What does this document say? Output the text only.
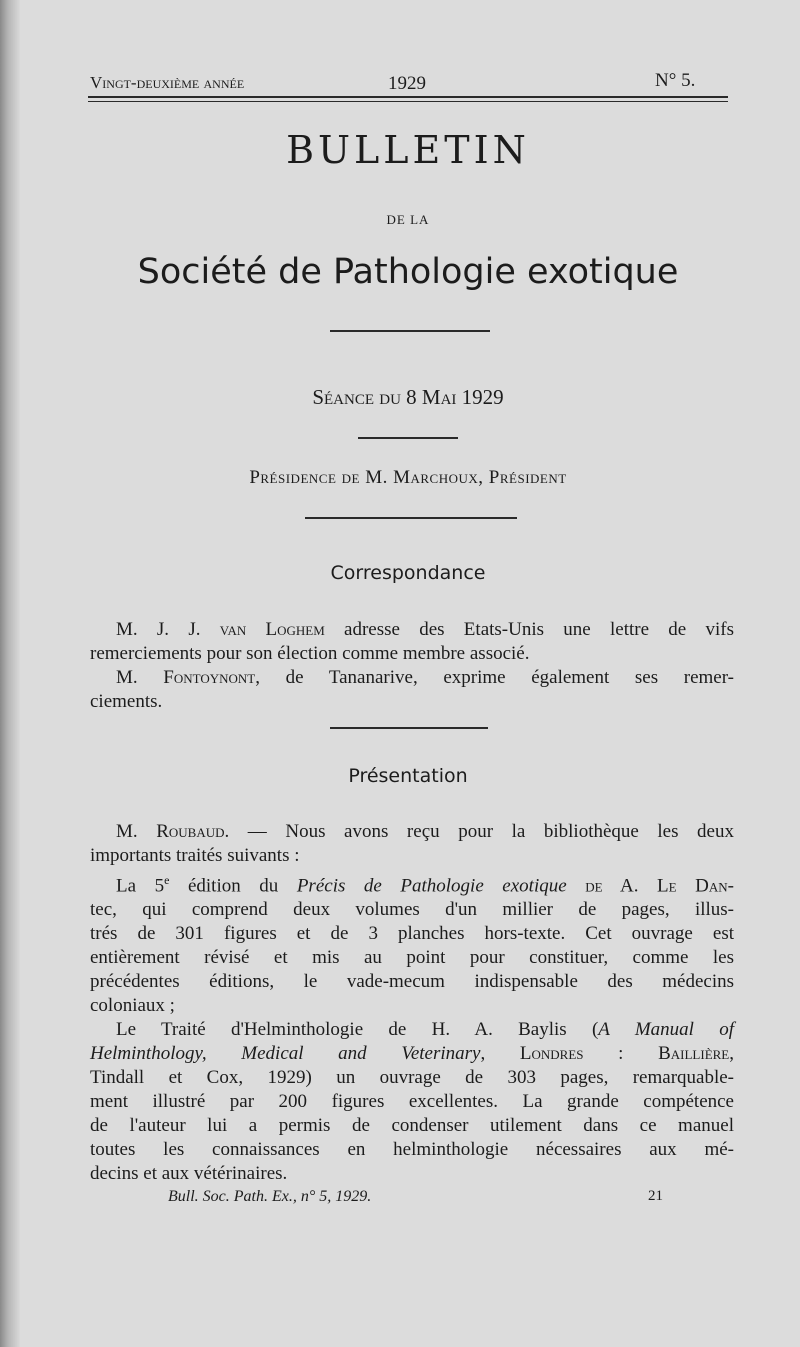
Vingt-deuxième année	1929	N° 5.
BULLETIN
DE LA
Société de Pathologie exotique
Séance du 8 Mai 1929
Présidence de M. Marchoux, Président
Correspondance
M. J. J. van Loghem adresse des Etats-Unis une lettre de vifs
remerciements pour son élection comme membre associé.
M. Fontoynont, de Tananarive, exprime également ses remer-
ciements.
Présentation
M. Roubaud. — Nous avons reçu pour la bibliothèque les deux
importants traités suivants :
La 5e édition du Précis de Pathologie exotique de A. Le Dan-
tec, qui comprend deux volumes d'un millier de pages, illus-
trés de 301 figures et de 3 planches hors-texte. Cet ouvrage est
entièrement révisé et mis au point pour constituer, comme les
précédentes éditions, le vade-mecum indispensable des médecins
coloniaux ;
Le Traité d'Helminthologie de H. A. Baylis (A Manual of
Helminthology, Medical and Veterinary, Londres : Baillière,
Tindall et Cox, 1929) un ouvrage de 303 pages, remarquable-
ment illustré par 200 figures excellentes. La grande compétence
de l'auteur lui a permis de condenser utilement dans ce manuel
toutes les connaissances en helminthologie nécessaires aux mé-
decins et aux vétérinaires.
Bull. Soc. Path. Ex., n° 5, 1929.	21
